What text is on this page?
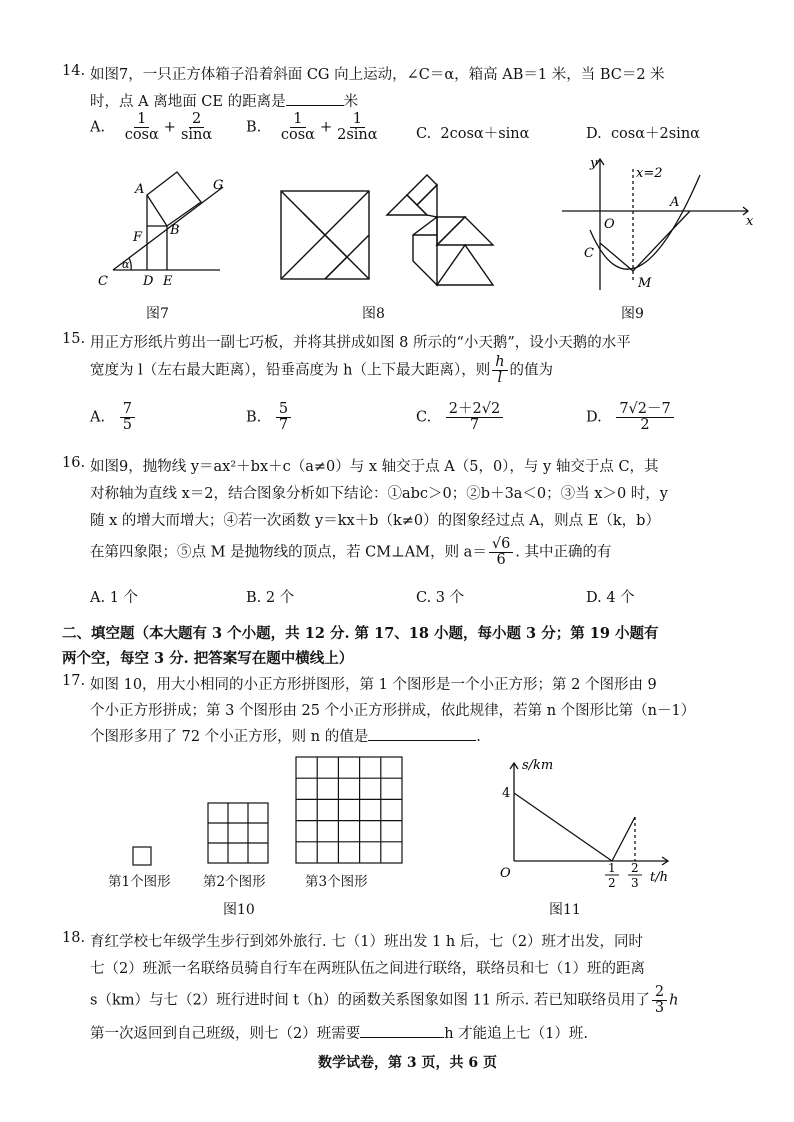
14. 如图7，一只正方体箱子沿着斜面 CG 向上运动，∠C＝α，箱高 AB＝1 米，当 BC＝2 米
时，点 A 离地面 CE 的距离是	米
A. $\frac{1}{\cos\alpha} + \frac{2}{\sin\alpha} B$. $\frac{1}{\cos\alpha} + \frac{1}{2\sin\alpha} C$. 2cosα＋sinα	D. cosα＋2sinα
A	G
F B
α
C	D E
图7	图8
y
x=2
O
A
x
C
M
图9
15. 用正方形纸片剪出一副七巧板，并将其拼成如图 8 所示的“小天鹅”，设小天鹅的水平
宽度为 l（左右最大距离），铅垂高度为 h（上下最大距离），则 $\frac{h}{l}$ 的值为
A. $\frac{7}{5}$	B. $\frac{5}{7}$	C. $\frac{2+2√2}{7}$	D. $\frac{7√2-7}{2}$
16. 如图9，抛物线 y＝ax²＋bx＋c（a≠0）与 x 轴交于点 A（5，0），与 y 轴交于点 C，其
对称轴为直线 x＝2，结合图象分析如下结论：①abc＞0；②b＋3a＜0；③当 x＞0 时，y
随 x 的增大而增大；④若一次函数 y＝kx＋b（k≠0）的图象经过点 A，则点 E（k，b）
在第四象限；⑤点 M 是抛物线的顶点，若 CM⊥AM，则 $a= \frac{√6}{6}$ . 其中正确的有
A. 1 个	B. 2 个	C. 3 个	D. 4 个
二、填空题（本大题有 3 个小题，共 12 分. 第 17、18 小题，每小题 3 分；第 19 小题有
两个空，每空 3 分. 把答案写在题中横线上）
17. 如图 10，用大小相同的小正方形拼图形，第 1 个图形是一个小正方形；第 2 个图形由 9
个小正方形拼成；第 3 个图形由 25 个小正方形拼成，依此规律，若第 n 个图形比第（n－1）
个图形多用了 72 个小正方形，则 n 的值是	.
第1个图形 第2个图形	第3个图形
图10
s/km
4
O	1
2
2
3 t/h
图11
18. 育红学校七年级学生步行到郊外旅行. 七（1）班出发 1 h 后，七（2）班才出发，同时
七（2）班派一名联络员骑自行车在两班队伍之间进行联络，联络员和七（1）班的距离
s（km）与七（2）班行进时间 t（h）的函数关系图象如图 11 所示. 若已知联络员用了 $\frac{2}{3}$ h
第一次返回到自己班级，则七（2）班需要	h 才能追上七（1）班.
数学试卷，第 3 页，共 6 页
